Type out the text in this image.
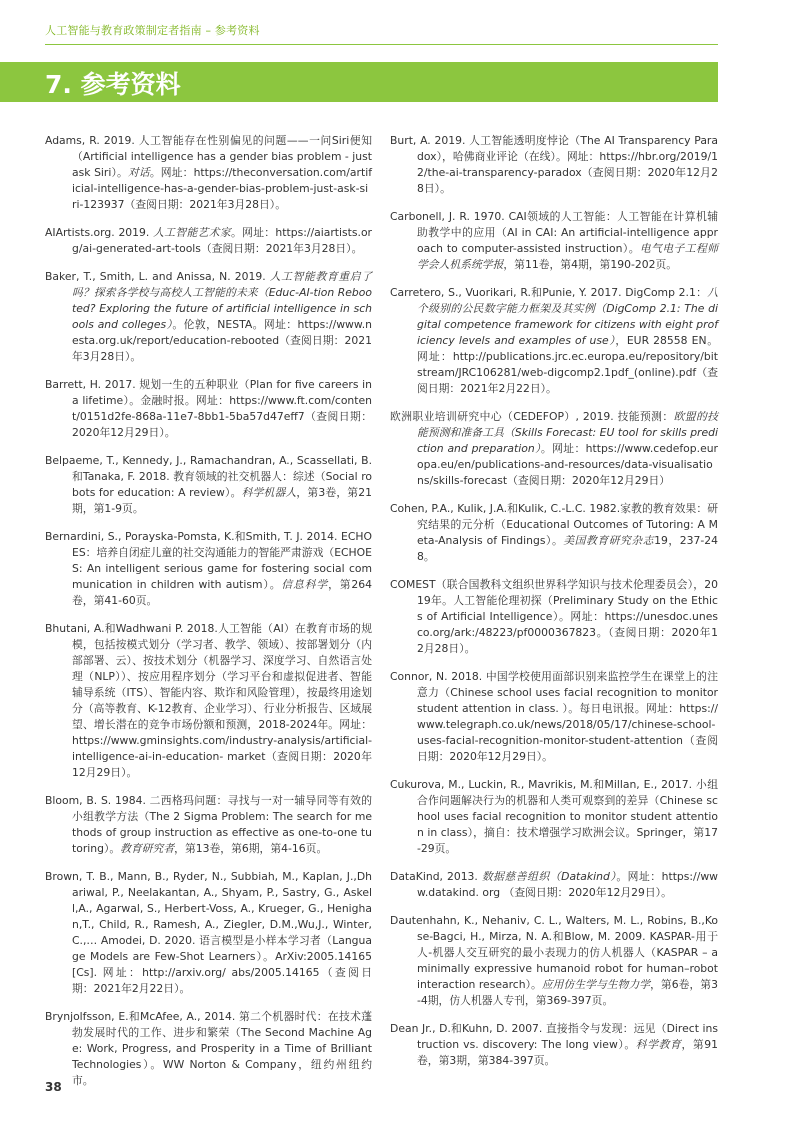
人工智能与教育政策制定者指南 – 参考资料
7. 参考资料

Adams, R. 2019. 人工智能存在性别偏见的问题——一问Siri便知（Artificial intelligence has a gender bias problem - just ask Siri）。对话。网址：https://theconversation.com/artificial-intelligence-has-a-gender-bias-problem-just-ask-siri-123937（查阅日期：2021年3月28日）。

AIArtists.org. 2019. 人工智能艺术家。网址：https://aiartists.org/ai-generated-art-tools（查阅日期：2021年3月28日）。

Baker, T., Smith, L. and Anissa, N. 2019. 人工智能教育重启了吗？探索各学校与高校人工智能的未来（Educ-AI-tion Rebooted? Exploring the future of artificial intelligence in schools and colleges）。伦敦，NESTA。网址：https://www.nesta.org.uk/report/education-rebooted（查阅日期：2021年3月28日）。

Barrett, H. 2017. 规划一生的五种职业（Plan for five careers in a lifetime）。金融时报。网址：https://www.ft.com/content/0151d2fe-868a-11e7-8bb1-5ba57d47eff7（查阅日期：2020年12月29日）。

Belpaeme, T., Kennedy, J., Ramachandran, A., Scassellati, B.和Tanaka, F. 2018. 教育领域的社交机器人：综述（Social robots for education: A review）。科学机器人，第3卷，第21期，第1-9页。

Bernardini, S., Porayska-Pomsta, K.和Smith, T. J. 2014. ECHOES：培养自闭症儿童的社交沟通能力的智能严肃游戏（ECHOES: An intelligent serious game for fostering social communication in children with autism）。信息科学，第264卷，第41-60页。

Bhutani, A.和Wadhwani P. 2018.人工智能（AI）在教育市场的规模，包括按模式划分（学习者、教学、领域）、按部署划分（内部部署、云）、按技术划分（机器学习、深度学习、自然语言处理（NLP））、按应用程序划分（学习平台和虚拟促进者、智能辅导系统（ITS）、智能内容、欺诈和风险管理），按最终用途划分（高等教育、K-12教育、企业学习）、行业分析报告、区域展望、增长潜在的竞争市场份额和预测，2018-2024年。网址：https://www.gminsights.com/industry-analysis/artificial-intelligence-ai-in-education- market（查阅日期：2020年12月29日）。

Bloom, B. S. 1984. 二西格玛问题：寻找与一对一辅导同等有效的小组教学方法（The 2 Sigma Problem: The search for methods of group instruction as effective as one-to-one tutoring）。教育研究者，第13卷，第6期，第4-16页。

Brown, T. B., Mann, B., Ryder, N., Subbiah, M., Kaplan, J.,Dhariwal, P., Neelakantan, A., Shyam, P., Sastry, G., Askell,A., Agarwal, S., Herbert-Voss, A., Krueger, G., Henighan,T., Child, R., Ramesh, A., Ziegler, D.M.,Wu,J., Winter, C.,… Amodei, D. 2020. 语言模型是小样本学习者（Language Models are Few-Shot Learners）。ArXiv:2005.14165 [Cs]. 网址：http://arxiv.org/ abs/2005.14165（查阅日期：2021年2月22日）。

Brynjolfsson, E.和McAfee, A., 2014. 第二个机器时代：在技术蓬勃发展时代的工作、进步和繁荣（The Second Machine Age: Work, Progress, and Prosperity in a Time of Brilliant Technologies）。WW Norton & Company，纽约州纽约市。

Burt, A. 2019. 人工智能透明度悖论（The AI Transparency Paradox），哈佛商业评论（在线）。网址：https://hbr.org/2019/12/the-ai-transparency-paradox（查阅日期：2020年12月28日）。

Carbonell, J. R. 1970. CAI领域的人工智能：人工智能在计算机辅助教学中的应用（AI in CAI: An artificial-intelligence approach to computer-assisted instruction）。电气电子工程师学会人机系统学报，第11卷，第4期，第190-202页。

Carretero, S., Vuorikari, R.和Punie, Y. 2017. DigComp 2.1：八个级别的公民数字能力框架及其实例（DigComp 2.1: The digital competence framework for citizens with eight proficiency levels and examples of use），EUR 28558 EN。网址：http://publications.jrc.ec.europa.eu/repository/bitstream/JRC106281/web-digcomp2.1pdf_(online).pdf（查阅日期：2021年2月22日）。

欧洲职业培训研究中心（CEDEFOP）, 2019. 技能预测：欧盟的技能预测和准备工具（Skills Forecast: EU tool for skills prediction and preparation）。网址：https://www.cedefop.europa.eu/en/publications-and-resources/data-visualisations/skills-forecast（查阅日期：2020年12月29日）

Cohen, P.A., Kulik, J.A.和Kulik, C.-L.C. 1982.家教的教育效果：研究结果的元分析（Educational Outcomes of Tutoring: A Meta-Analysis of Findings）。美国教育研究杂志19，237-248。

COMEST（联合国教科文组织世界科学知识与技术伦理委员会），2019年。人工智能伦理初探（Preliminary Study on the Ethics of Artificial Intelligence）。网址：https://unesdoc.unesco.org/ark:/48223/pf0000367823。（查阅日期：2020年12月28日）。

Connor, N. 2018. 中国学校使用面部识别来监控学生在课堂上的注意力（Chinese school uses facial recognition to monitor student attention in class. ）。每日电讯报。网址：https://www.telegraph.co.uk/news/2018/05/17/chinese-school-uses-facial-recognition-monitor-student-attention（查阅日期：2020年12月29日）。

Cukurova, M., Luckin, R., Mavrikis, M.和Millan, E., 2017. 小组合作问题解决行为的机器和人类可观察到的差异（Chinese school uses facial recognition to monitor student attention in class），摘自：技术增强学习欧洲会议。Springer，第17-29页。

DataKind, 2013. 数据慈善组织（Datakind）。网址：https://www.datakind. org （查阅日期：2020年12月29日）。

Dautenhahn, K., Nehaniv, C. L., Walters, M. L., Robins, B.,Kose-Bagci, H., Mirza, N. A.和Blow, M. 2009. KASPAR-用于人-机器人交互研究的最小表现力的仿人机器人（KASPAR – a minimally expressive humanoid robot for human–robot interaction research）。应用仿生学与生物力学，第6卷，第3-4期，仿人机器人专刊，第369-397页。

Dean Jr., D.和Kuhn, D. 2007. 直接指令与发现：远见（Direct instruction vs. discovery: The long view）。科学教育，第91卷，第3期，第384-397页。

38
